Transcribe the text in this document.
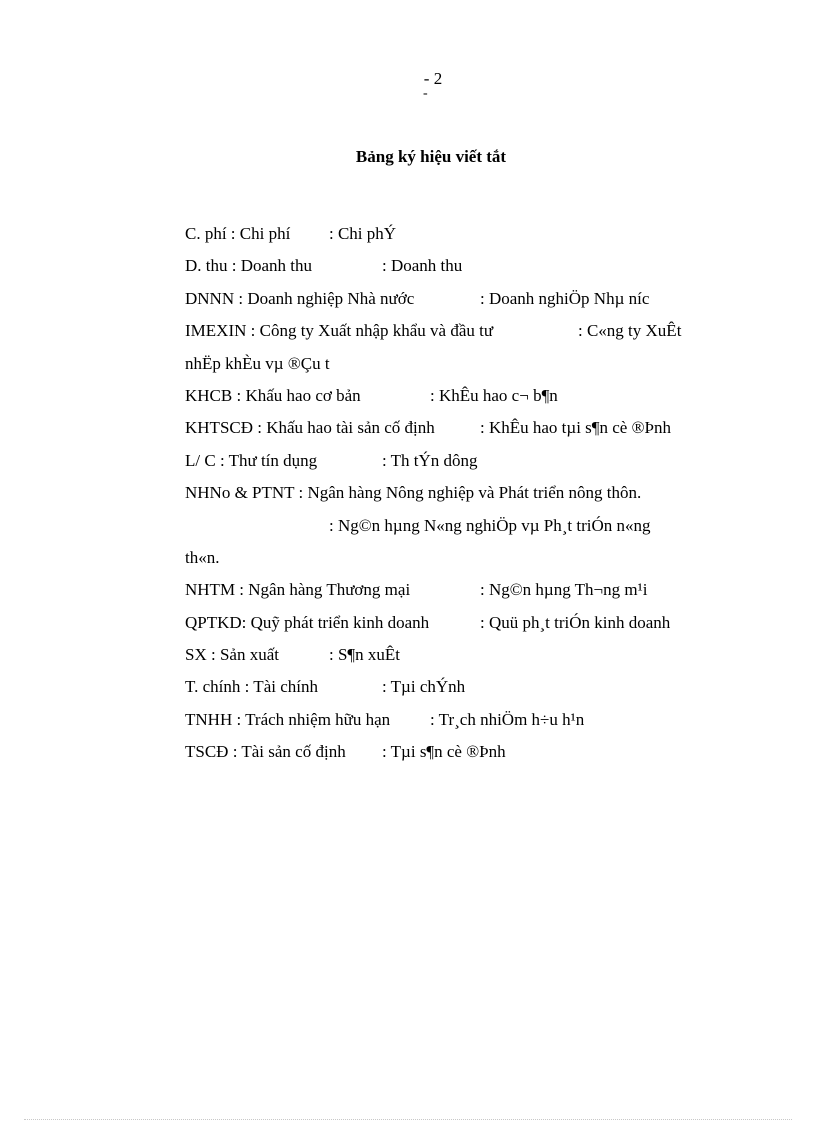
- 2
-
Bảng ký hiệu viết tắt
C. phí : Chi phí : Chi phÝ
D. thu : Doanh thu	: Doanh thu
DNNN : Doanh nghiệp Nhà nước	: Doanh nghiÖp Nhµ níc
IMEXIN : Công ty Xuất nhập khẩu và đầu tư	: C«ng ty XuÊt
nhËp khÈu vµ ®Çu t
KHCB : Khấu hao cơ bản	: KhÊu hao c¬ b¶n
KHTSCĐ : Khấu hao tài sản cố định	: KhÊu hao tµi s¶n cè ®Þnh
L/ C : Thư tín dụng	: Th tÝn dông
NHNo & PTNT : Ngân hàng Nông nghiệp và Phát triển nông thôn.
: Ng©n hµng N«ng nghiÖp vµ Ph¸t triÓn n«ng
th«n.
NHTM : Ngân hàng Thương mại	: Ng©n hµng Th¬ng m¹i
QPTKD: Quỹ phát triển kinh doanh	: Quü ph¸t triÓn kinh doanh
SX : Sản xuất	: S¶n xuÊt
T. chính : Tài chính	: Tµi chÝnh
TNHH : Trách nhiệm hữu hạn : Tr¸ch nhiÖm h÷u h¹n
TSCĐ : Tài sản cố định : Tµi s¶n cè ®Þnh
